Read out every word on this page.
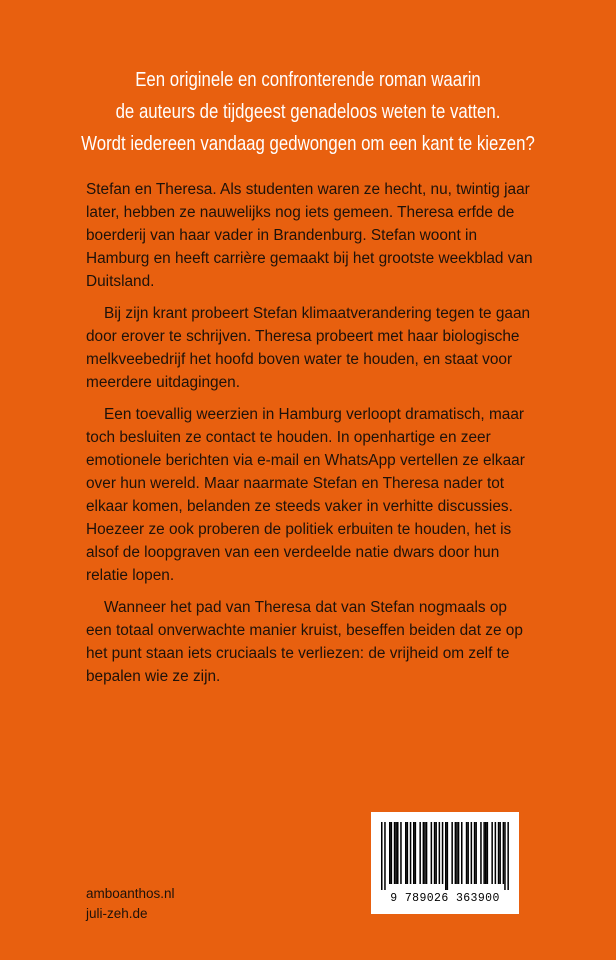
Een originele en confronterende roman waarin
de auteurs de tijdgeest genadeloos weten te vatten.
Wordt iedereen vandaag gedwongen om een kant te kiezen?

Stefan en Theresa. Als studenten waren ze hecht, nu, twintig jaar later, hebben ze nauwelijks nog iets gemeen. Theresa erfde de boerderij van haar vader in Brandenburg. Stefan woont in Hamburg en heeft carrière gemaakt bij het grootste weekblad van Duitsland.

Bij zijn krant probeert Stefan klimaatverandering tegen te gaan door erover te schrijven. Theresa probeert met haar biologische melkveebedrijf het hoofd boven water te houden, en staat voor meerdere uitdagingen.

Een toevallig weerzien in Hamburg verloopt dramatisch, maar toch besluiten ze contact te houden. In openhartige en zeer emotionele berichten via e-mail en WhatsApp vertellen ze elkaar over hun wereld. Maar naarmate Stefan en Theresa nader tot elkaar komen, belanden ze steeds vaker in verhitte discussies. Hoezeer ze ook proberen de politiek erbuiten te houden, het is alsof de loopgraven van een verdeelde natie dwars door hun relatie lopen.

Wanneer het pad van Theresa dat van Stefan nogmaals op een totaal onverwachte manier kruist, beseffen beiden dat ze op het punt staan iets cruciaals te verliezen: de vrijheid om zelf te bepalen wie ze zijn.

amboanthos.nl
juli-zeh.de
9 789026 363900
